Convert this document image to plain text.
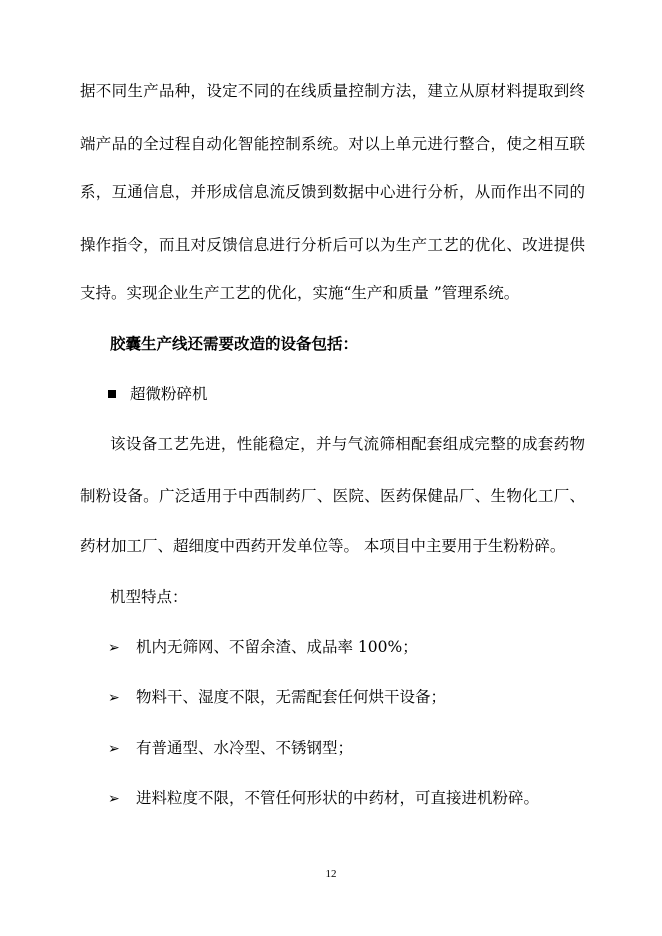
据不同生产品种，设定不同的在线质量控制方法，建立从原材料提取到终
端产品的全过程自动化智能控制系统。对以上单元进行整合，使之相互联
系，互通信息，并形成信息流反馈到数据中心进行分析，从而作出不同的
操作指令，而且对反馈信息进行分析后可以为生产工艺的优化、改进提供
支持。实现企业生产工艺的优化，实施“生产和质量 ”管理系统。
胶囊生产线还需要改造的设备包括：
超微粉碎机
该设备工艺先进，性能稳定，并与气流筛相配套组成完整的成套药物
制粉设备。广泛适用于中西制药厂、医院、医药保健品厂、生物化工厂、
药材加工厂、超细度中西药开发单位等。 本项目中主要用于生粉粉碎。
机型特点：
➢ 机内无筛网、不留余渣、成品率 100%；
➢ 物料干、湿度不限，无需配套任何烘干设备；
➢ 有普通型、水冷型、不锈钢型；
➢ 进料粒度不限，不管任何形状的中药材，可直接进机粉碎。
12
